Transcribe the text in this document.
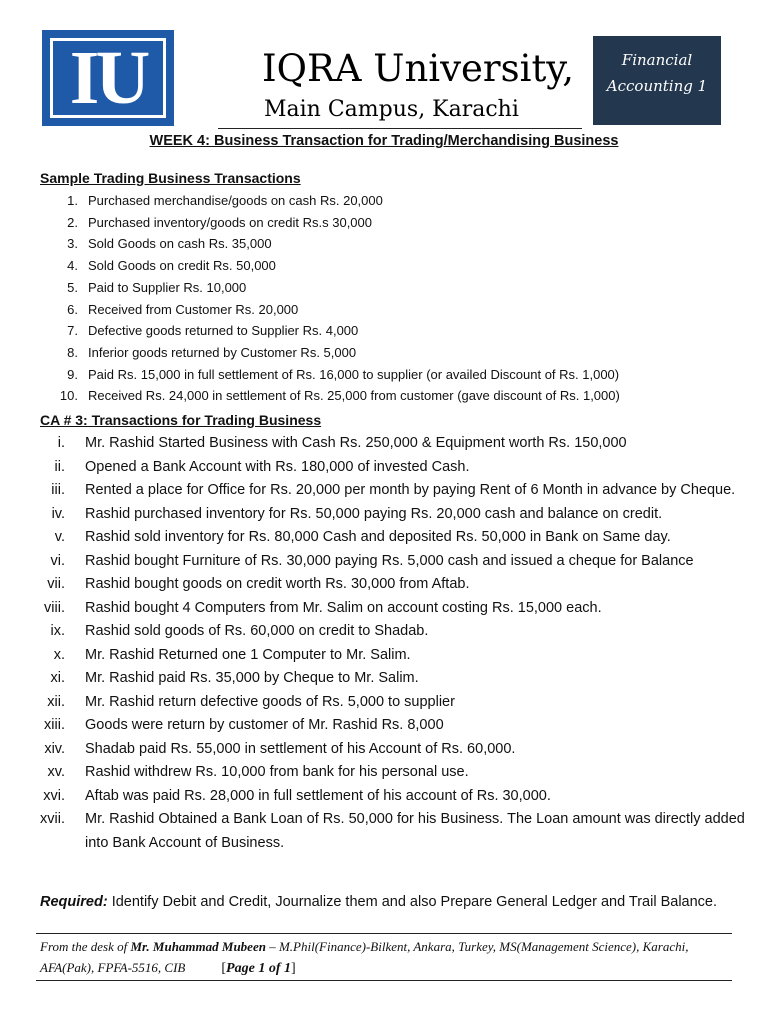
IU	IQRA University,
Main Campus, Karachi
Financial
Accounting 1
WEEK 4: Business Transaction for Trading/Merchandising Business
Sample Trading Business Transactions
1. Purchased merchandise/goods on cash Rs. 20,000
2. Purchased inventory/goods on credit Rs.s 30,000
3. Sold Goods on cash Rs. 35,000
4. Sold Goods on credit Rs. 50,000
5. Paid to Supplier Rs. 10,000
6. Received from Customer Rs. 20,000
7. Defective goods returned to Supplier Rs. 4,000
8. Inferior goods returned by Customer Rs. 5,000
9. Paid Rs. 15,000 in full settlement of Rs. 16,000 to supplier (or availed Discount of Rs. 1,000)
10. Received Rs. 24,000 in settlement of Rs. 25,000 from customer (gave discount of Rs. 1,000)
CA # 3: Transactions for Trading Business
i. Mr. Rashid Started Business with Cash Rs. 250,000 & Equipment worth Rs. 150,000
ii. Opened a Bank Account with Rs. 180,000 of invested Cash.
iii. Rented a place for Office for Rs. 20,000 per month by paying Rent of 6 Month in advance by Cheque.
iv. Rashid purchased inventory for Rs. 50,000 paying Rs. 20,000 cash and balance on credit.
v. Rashid sold inventory for Rs. 80,000 Cash and deposited Rs. 50,000 in Bank on Same day.
vi. Rashid bought Furniture of Rs. 30,000 paying Rs. 5,000 cash and issued a cheque for Balance
vii. Rashid bought goods on credit worth Rs. 30,000 from Aftab.
viii. Rashid bought 4 Computers from Mr. Salim on account costing Rs. 15,000 each.
ix. Rashid sold goods of Rs. 60,000 on credit to Shadab.
x. Mr. Rashid Returned one 1 Computer to Mr. Salim.
xi. Mr. Rashid paid Rs. 35,000 by Cheque to Mr. Salim.
xii. Mr. Rashid return defective goods of Rs. 5,000 to supplier
xiii. Goods were return by customer of Mr. Rashid Rs. 8,000
xiv. Shadab paid Rs. 55,000 in settlement of his Account of Rs. 60,000.
xv. Rashid withdrew Rs. 10,000 from bank for his personal use.
xvi. Aftab was paid Rs. 28,000 in full settlement of his account of Rs. 30,000.
xvii. Mr. Rashid Obtained a Bank Loan of Rs. 50,000 for his Business. The Loan amount was directly added into Bank Account of Business.
Required: Identify Debit and Credit, Journalize them and also Prepare General Ledger and Trail Balance.
From the desk of Mr. Muhammad Mubeen – M.Phil(Finance)-Bilkent, Ankara, Turkey, MS(Management Science), Karachi, AFA(Pak), FPFA-5516, CIB	[Page 1 of 1]
